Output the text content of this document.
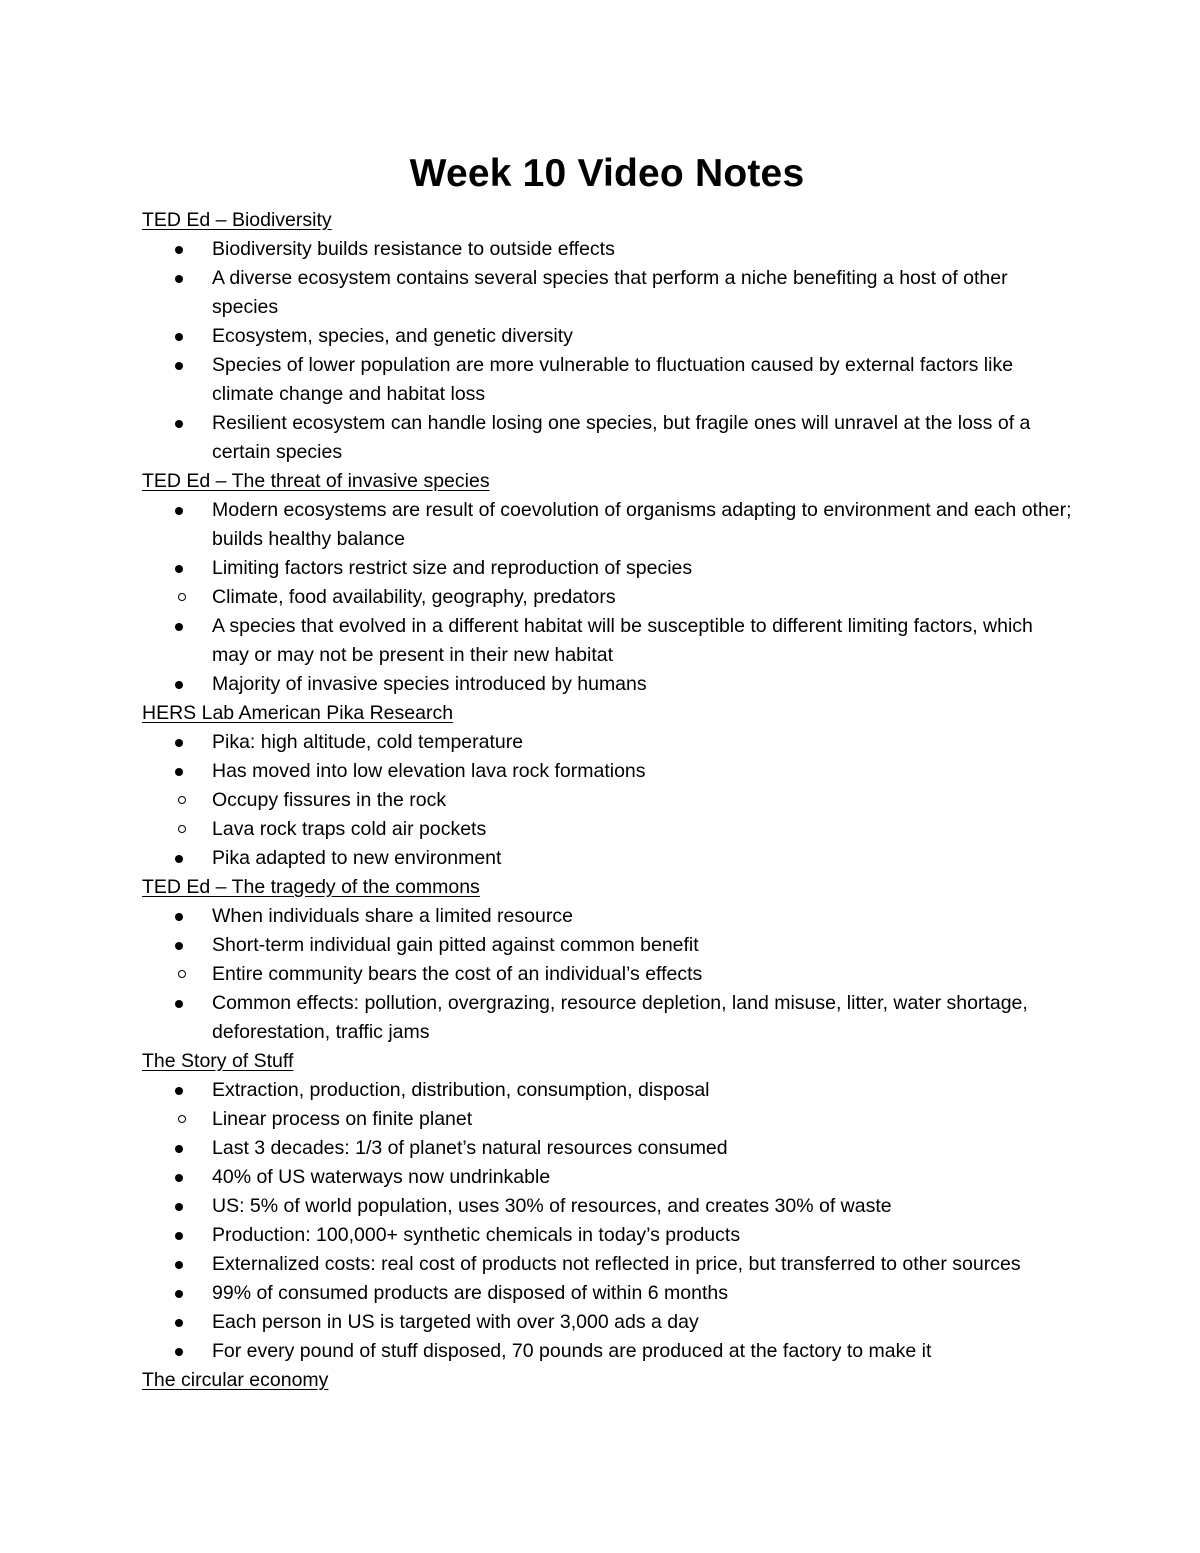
Week 10 Video Notes
TED Ed – Biodiversity
Biodiversity builds resistance to outside effects
A diverse ecosystem contains several species that perform a niche benefiting a host of other species
Ecosystem, species, and genetic diversity
Species of lower population are more vulnerable to fluctuation caused by external factors like climate change and habitat loss
Resilient ecosystem can handle losing one species, but fragile ones will unravel at the loss of a certain species
TED Ed – The threat of invasive species
Modern ecosystems are result of coevolution of organisms adapting to environment and each other; builds healthy balance
Limiting factors restrict size and reproduction of species
Climate, food availability, geography, predators
A species that evolved in a different habitat will be susceptible to different limiting factors, which may or may not be present in their new habitat
Majority of invasive species introduced by humans
HERS Lab American Pika Research
Pika: high altitude, cold temperature
Has moved into low elevation lava rock formations
Occupy fissures in the rock
Lava rock traps cold air pockets
Pika adapted to new environment
TED Ed – The tragedy of the commons
When individuals share a limited resource
Short-term individual gain pitted against common benefit
Entire community bears the cost of an individual’s effects
Common effects: pollution, overgrazing, resource depletion, land misuse, litter, water shortage, deforestation, traffic jams
The Story of Stuff
Extraction, production, distribution, consumption, disposal
Linear process on finite planet
Last 3 decades: 1/3 of planet’s natural resources consumed
40% of US waterways now undrinkable
US: 5% of world population, uses 30% of resources, and creates 30% of waste
Production: 100,000+ synthetic chemicals in today’s products
Externalized costs: real cost of products not reflected in price, but transferred to other sources
99% of consumed products are disposed of within 6 months
Each person in US is targeted with over 3,000 ads a day
For every pound of stuff disposed, 70 pounds are produced at the factory to make it
The circular economy
